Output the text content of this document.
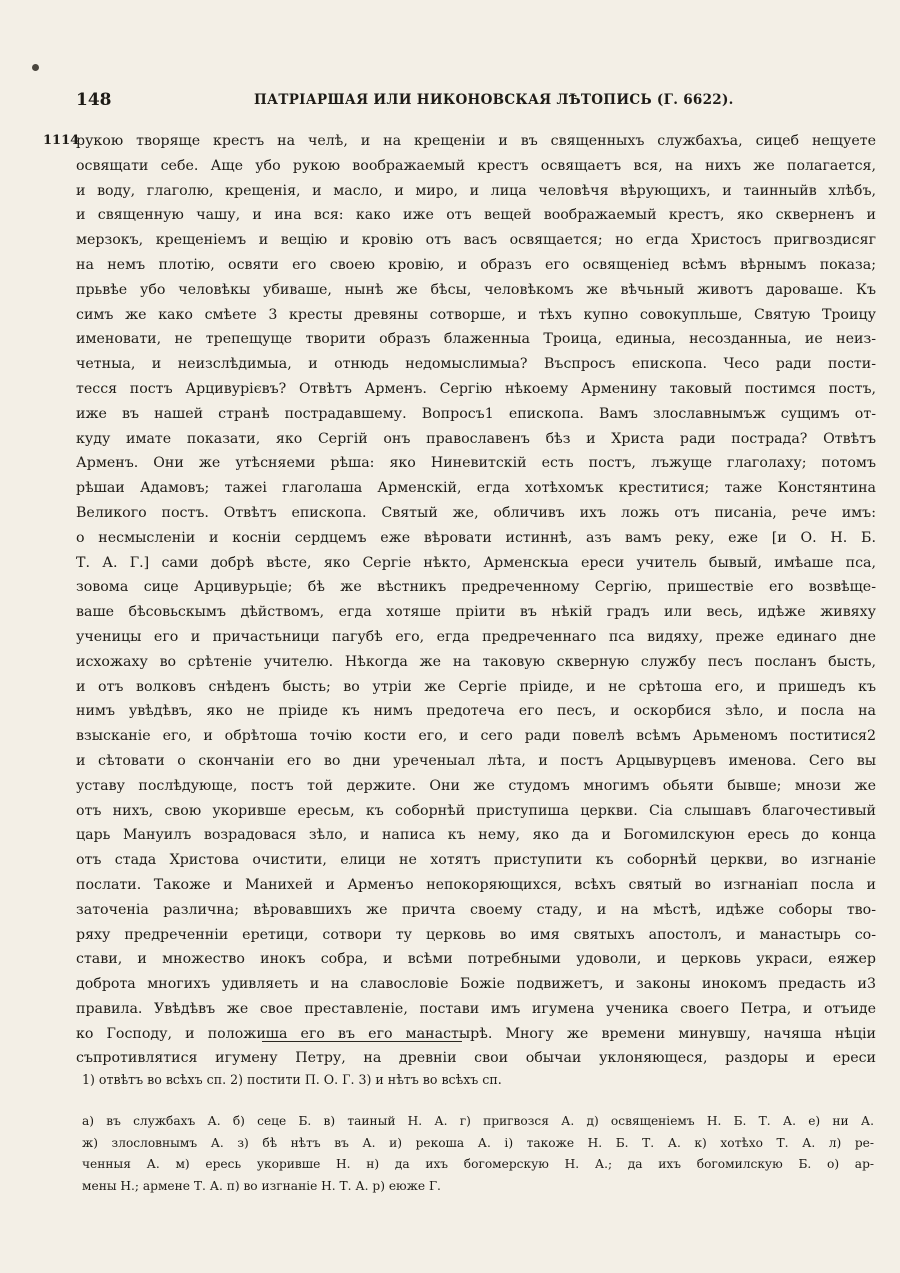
148	ПАТРІАРШАЯ ИЛИ НИКОНОВСКАЯ ЛѢТОПИСЬ (Г. 6622).
1114
рукою творяще крестъ на челѣ, и на крещеніи и въ священныхъ службахъа, сицеб нещуете
освящати себе. Аще убо рукою воображаемый крестъ освящаетъ вся, на нихъ же полагается,
и воду, глаголю, крещенія, и масло, и миро, и лица человѣчя вѣрующихъ, и таинныйв хлѣбъ,
и священную чашу, и ина вся: како иже отъ вещей воображаемый крестъ, яко скверненъ и
мерзокъ, крещеніемъ и вещію и кровію отъ васъ освящается; но егда Христосъ пригвоздисяг
на немъ плотію, освяти его своею кровію, и образъ его освященіед всѣмъ вѣрнымъ показа;
прьвѣе убо человѣкы убиваше, нынѣ же бѣсы, человѣкомъ же вѣчьный животъ дароваше. Къ
симъ же како смѣете 3 кресты древяны сотворше, и тѣхъ купно совокупльше, Святую Троицу
именовати, не трепещуще творити образъ блаженныа Троица, единыа, несозданныа, ие неиз-
четныа, и неизслѣдимыа, и отнюдь недомыслимыа? Въспросъ епископа. Чесо ради пости-
тесся постъ Арцивурієвъ? Отвѣтъ Арменъ. Сергію нѣкоему Арменину таковый постимся постъ,
иже въ нашей странѣ пострадавшему. Вопросъ1 епископа. Вамъ злославнымъж сущимъ от-
куду имате показати, яко Сергій онъ православенъ бѣз и Христа ради пострада? Отвѣтъ
Арменъ. Они же утѣсняеми рѣша: яко Ниневитскій есть постъ, лъжуще глаголаху; потомъ
рѣшаи Адамовъ; тажеі глаголаша Арменскій, егда хотѣхомък креститися; таже Констянтина
Великого постъ. Отвѣтъ епископа. Святый же, обличивъ ихъ ложь отъ писаніа, рече имъ:
о несмысленіи и косніи сердцемъ еже вѣровати истиннѣ, азъ вамъ реку, еже [и О. Н. Б.
Т. А. Г.] сами добрѣ вѣсте, яко Сергіе нѣкто, Арменскыа ереси учитель бывый, имѣаше пса,
зовома сице Арцивурьціе; бѣ же вѣстникъ предреченному Сергію, пришествіе его возвѣще-
ваше бѣсовьскымъ дѣйствомъ, егда хотяше пріити въ нѣкій градъ или весь, идѣже живяху
ученицы его и причастьници пагубѣ его, егда предреченнаго пса видяху, преже единаго дне
исхожаху во срѣтеніе учителю. Нѣкогда же на таковую скверную службу песъ посланъ бысть,
и отъ волковъ снѣденъ бысть; во утріи же Сергіе пріиде, и не срѣтоша его, и пришедъ къ
нимъ увѣдѣвъ, яко не пріиде къ нимъ предотеча его песъ, и оскорбися зѣло, и посла на
взысканіе его, и обрѣтоша точію кости его, и сего ради повелѣ всѣмъ Арьменомъ поститися2
и сѣтовати о скончаніи его во дни уреченыал лѣта, и постъ Арцывурцевъ именова. Сего вы
уставу послѣдующе, постъ той держите. Они же студомъ многимъ обьяти бывше; мнози же
отъ нихъ, свою укоривше ересьм, къ соборнѣй приступиша церкви. Сіа слышавъ благочестивый
царь Мануилъ возрадовася зѣло, и написа къ нему, яко да и Богомилскуюн ересь до конца
отъ стада Христова очистити, елици не хотятъ приступити къ соборнѣй церкви, во изгнаніе
послати. Такоже и Манихей и Арменъо непокоряющихся, всѣхъ святый во изгнаніап посла и
заточеніа различна; вѣровавшихъ же причта своему стаду, и на мѣстѣ, идѣже соборы тво-
ряху предреченніи еретици, сотвори ту церковь во имя святыхъ апостолъ, и манастырь со-
стави, и множество инокъ собра, и всѣми потребными удоволи, и церковь украси, еяжер
доброта многихъ удивляеть и на славословіе Божіе подвижетъ, и законы инокомъ предасть и3
правила. Увѣдѣвъ же свое преставленіе, постави имъ игумена ученика своего Петра, и отъиде
ко Господу, и положиша его въ его манастырѣ. Многу же времени минувшу, начяша нѣціи
съпротивлятися игумену Петру, на древніи свои обычаи уклоняющеся, раздоры и ереси
1) отвѣтъ во всѣхъ сп. 2) постити П. О. Г. 3) и нѣтъ во всѣхъ сп.
а) въ службахъ А. б) сеце Б. в) таиный Н. А. г) пригвозся А. д) освященіемъ Н. Б. Т. А. е) ни А.
ж) злословнымъ А. з) бѣ нѣтъ въ А. и) рекоша А. і) такоже Н. Б. Т. А. к) хотѣхо Т. А. л) ре-
ченныя А. м) ересь укоривше Н. н) да ихъ богомерскую Н. А.; да ихъ богомилскую Б. о) ар-
мены Н.; армене Т. А. п) во изгнаніе Н. Т. А. р) еюже Г.
